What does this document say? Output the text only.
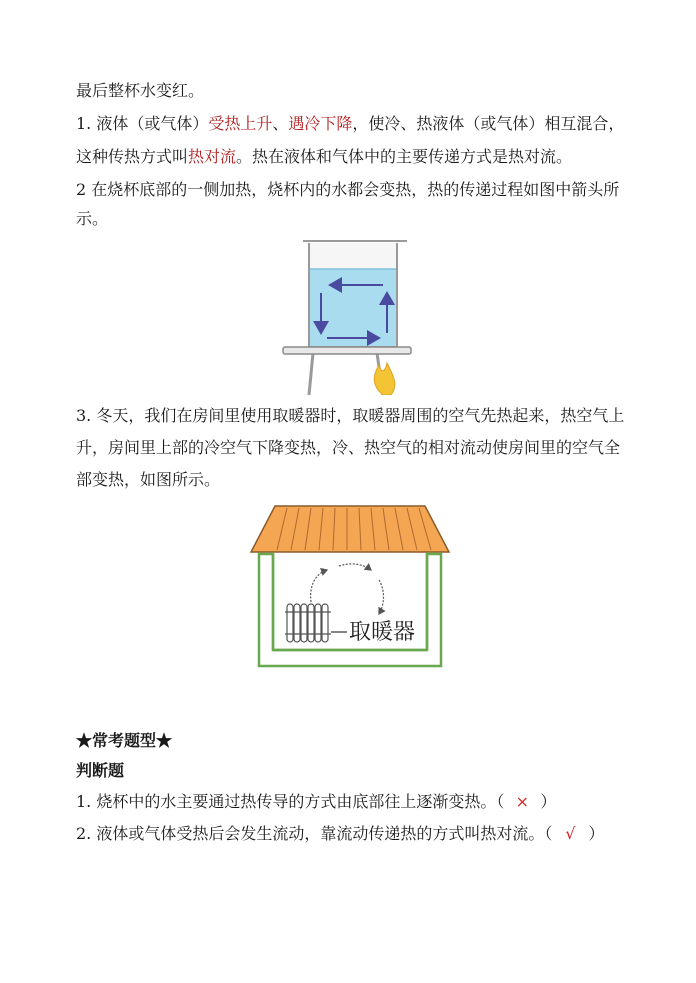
最后整杯水变红。
1. 液体（或气体）受热上升、遇冷下降，使冷、热液体（或气体）相互混合，
这种传热方式叫热对流。热在液体和气体中的主要传递方式是热对流。
2 在烧杯底部的一侧加热，烧杯内的水都会变热，热的传递过程如图中箭头所
示。
3. 冬天，我们在房间里使用取暖器时，取暖器周围的空气先热起来，热空气上
升，房间里上部的冷空气下降变热，冷、热空气的相对流动使房间里的空气全
部变热，如图所示。
取暖器
★常考题型★
判断题
1. 烧杯中的水主要通过热传导的方式由底部往上逐渐变热。（ × ）
2. 液体或气体受热后会发生流动，靠流动传递热的方式叫热对流。（ √ ）
